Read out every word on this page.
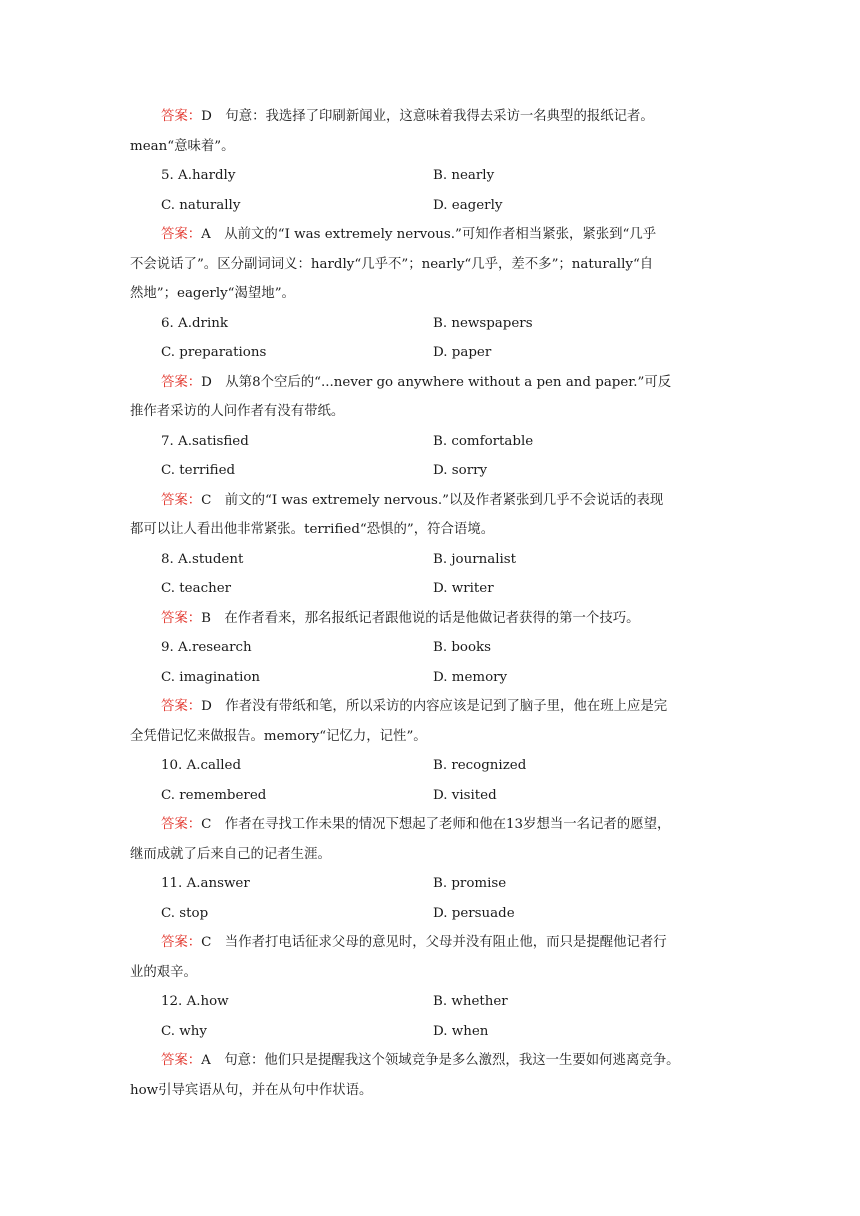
答案：D　句意：我选择了印刷新闻业，这意味着我得去采访一名典型的报纸记者。
mean“意味着”。
5. A.hardly	B. nearly
C. naturally	D. eagerly
答案：A　从前文的“I was extremely nervous.”可知作者相当紧张，紧张到“几乎
不会说话了”。区分副词词义：hardly“几乎不”；nearly“几乎，差不多”；naturally“自
然地”；eagerly“渴望地”。
6. A.drink	B. newspapers
C. preparations	D. paper
答案：D　从第8个空后的“...never go anywhere without a pen and paper.”可反
推作者采访的人问作者有没有带纸。
7. A.satisfied	B. comfortable
C. terrified	D. sorry
答案：C　前文的“I was extremely nervous.”以及作者紧张到几乎不会说话的表现
都可以让人看出他非常紧张。terrified“恐惧的”，符合语境。
8. A.student	B. journalist
C. teacher	D. writer
答案：B　在作者看来，那名报纸记者跟他说的话是他做记者获得的第一个技巧。
9. A.research	B. books
C. imagination	D. memory
答案：D　作者没有带纸和笔，所以采访的内容应该是记到了脑子里，他在班上应是完
全凭借记忆来做报告。memory“记忆力，记性”。
10. A.called	B. recognized
C. remembered	D. visited
答案：C　作者在寻找工作未果的情况下想起了老师和他在13岁想当一名记者的愿望，
继而成就了后来自己的记者生涯。
11. A.answer	B. promise
C. stop	D. persuade
答案：C　当作者打电话征求父母的意见时，父母并没有阻止他，而只是提醒他记者行
业的艰辛。
12. A.how	B. whether
C. why	D. when
答案：A　句意：他们只是提醒我这个领域竞争是多么激烈，我这一生要如何逃离竞争。
how引导宾语从句，并在从句中作状语。
